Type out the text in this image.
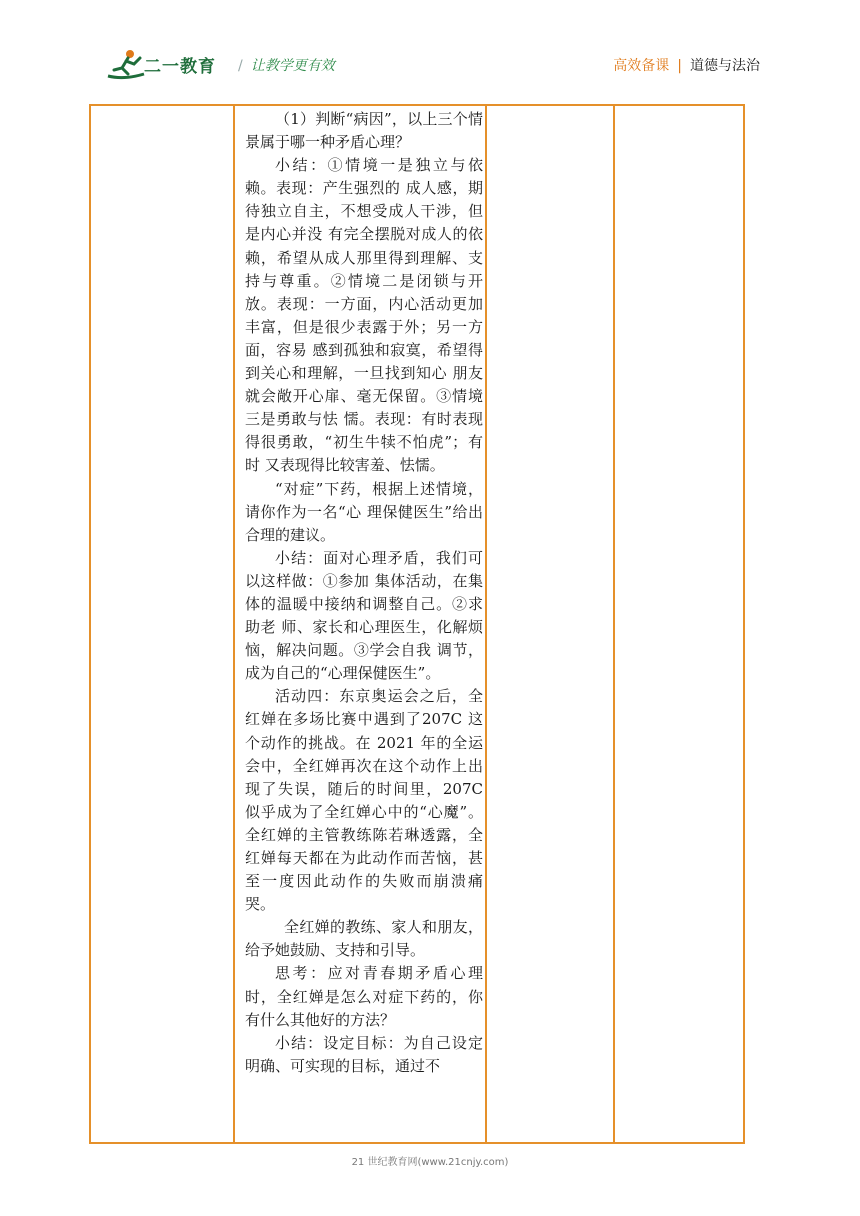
二一教育 / 让教学更有效	高效备课 | 道德与法治

（1）判断“病因”，以上三个情景属于哪一种矛盾心理？

小结：①情境一是独立与依赖。表现：产生强烈的 成人感，期待独立自主，不想受成人干涉，但是内心并没 有完全摆脱对成人的依赖，希望从成人那里得到理解、支持与尊重。②情境二是闭锁与开放。表现：一方面，内心活动更加丰富，但是很少表露于外；另一方面，容易 感到孤独和寂寞，希望得到关心和理解，一旦找到知心 朋友就会敞开心扉、毫无保留。③情境三是勇敢与怯 懦。表现：有时表现得很勇敢，“初生牛犊不怕虎”；有时 又表现得比较害羞、怯懦。

“对症”下药，根据上述情境，请你作为一名“心 理保健医生”给出合理的建议。

小结：面对心理矛盾，我们可以这样做：①参加 集体活动，在集体的温暖中接纳和调整自己。②求助老 师、家长和心理医生，化解烦恼，解决问题。③学会自我 调节，成为自己的“心理保健医生”。

活动四：东京奥运会之后，全红婵在多场比赛中遇到了207C 这个动作的挑战。在 2021 年的全运会中，全红婵再次在这个动作上出现了失误，随后的时间里，207C 似乎成为了全红婵心中的“心魔”。全红婵的主管教练陈若琳透露，全红婵每天都在为此动作而苦恼，甚至一度因此动作的失败而崩溃痛哭。

全红婵的教练、家人和朋友，给予她鼓励、支持和引导。

思考：应对青春期矛盾心理时，全红婵是怎么对症下药的，你有什么其他好的方法？

小结：设定目标：为自己设定明确、可实现的目标，通过不

21 世纪教育网(www.21cnjy.com)
